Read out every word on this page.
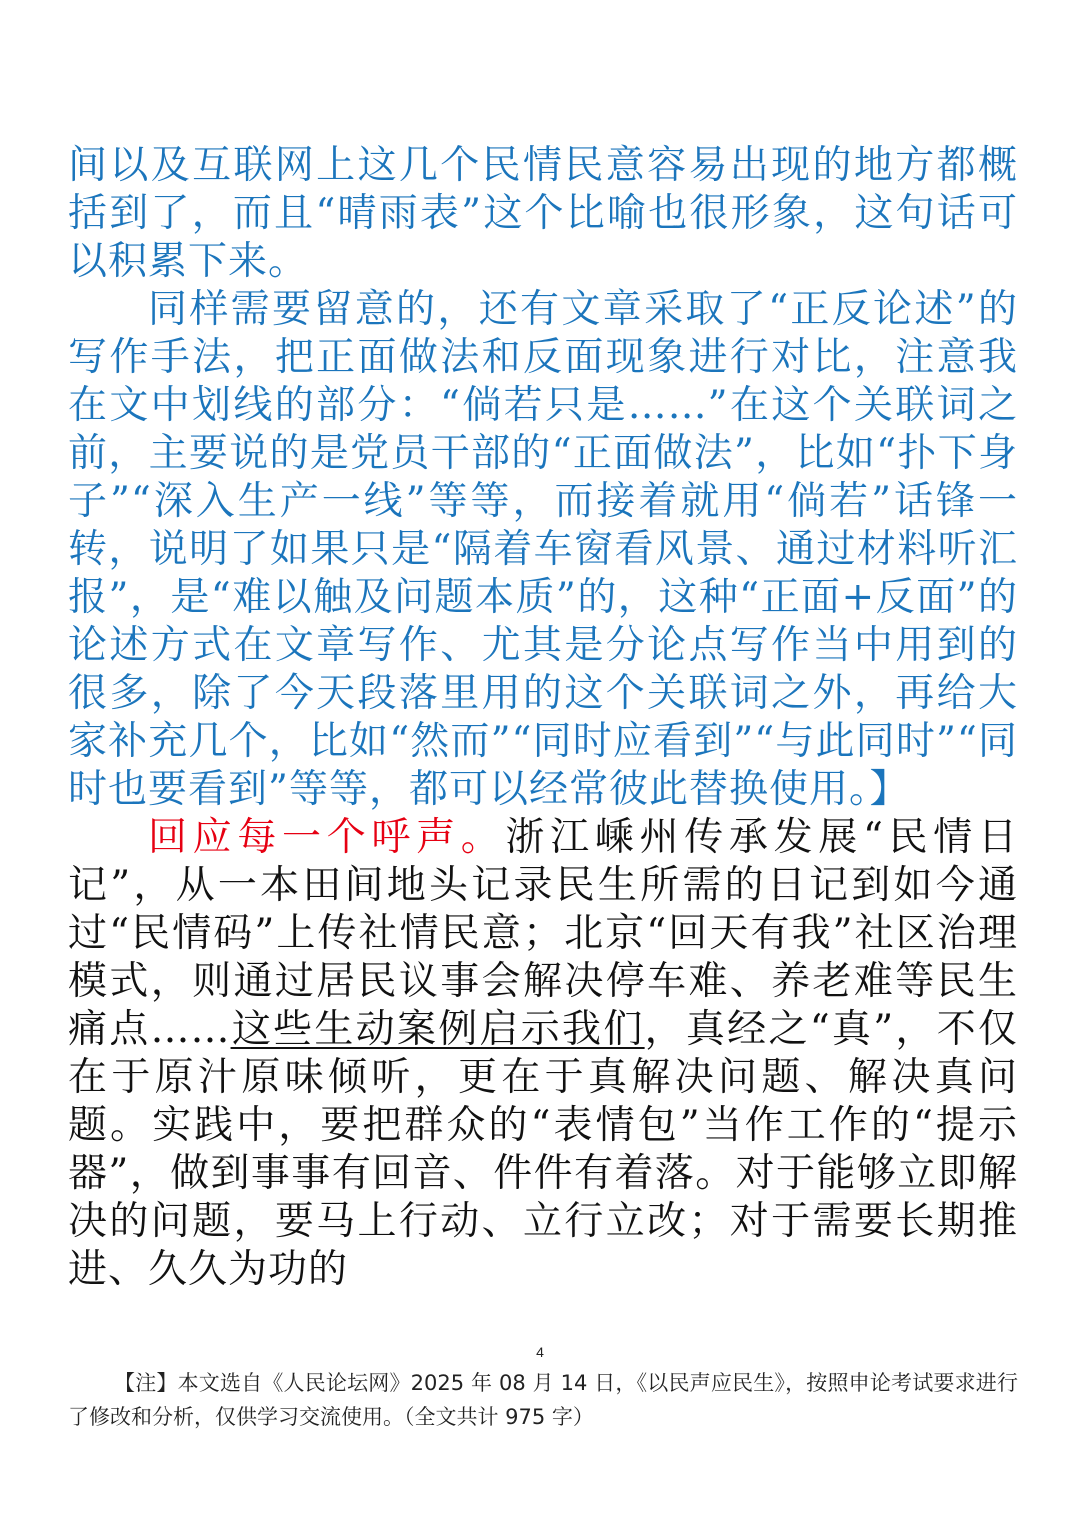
间以及互联网上这几个民情民意容易出现的地方都概括到了，而且“晴雨表”这个比喻也很形象，这句话可以积累下来。

同样需要留意的，还有文章采取了“正反论述”的写作手法，把正面做法和反面现象进行对比，注意我在文中划线的部分：“倘若只是……”在这个关联词之前，主要说的是党员干部的“正面做法”，比如“扑下身子”“深入生产一线”等等，而接着就用“倘若”话锋一转，说明了如果只是“隔着车窗看风景、通过材料听汇报”，是“难以触及问题本质”的，这种“正面+反面”的论述方式在文章写作、尤其是分论点写作当中用到的很多，除了今天段落里用的这个关联词之外，再给大家补充几个，比如“然而”“同时应看到”“与此同时”“同时也要看到”等等，都可以经常彼此替换使用。】

回应每一个呼声。浙江嵊州传承发展“民情日记”，从一本田间地头记录民生所需的日记到如今通过“民情码”上传社情民意；北京“回天有我”社区治理模式，则通过居民议事会解决停车难、养老难等民生痛点……这些生动案例启示我们，真经之“真”，不仅在于原汁原味倾听，更在于真解决问题、解决真问题。实践中，要把群众的“表情包”当作工作的“提示器”，做到事事有回音、件件有着落。对于能够立即解决的问题，要马上行动、立行立改；对于需要长期推进、久久为功的

4
【注】本文选自《人民论坛网》2025 年 08 月 14 日，《以民声应民生》，按照申论考试要求进行了修改和分析，仅供学习交流使用。（全文共计 975 字）
